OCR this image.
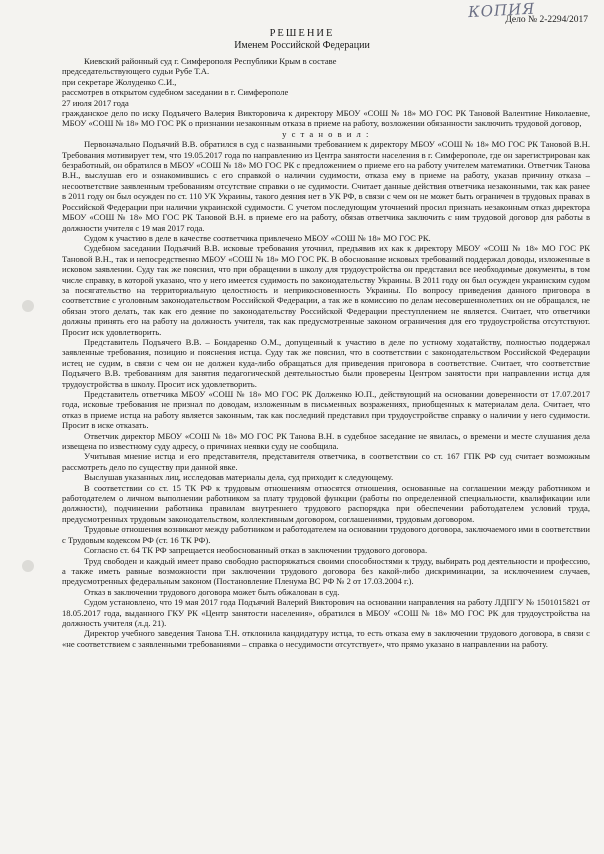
КОПИЯ
Дело № 2-2294/2017
РЕШЕНИЕ
Именем Российской Федерации

Киевский районный суд г. Симферополя Республики Крым в составе

председательствующего судьи Рубе Т.А.

при секретаре Жолуденко С.И.,

рассмотрев в открытом судебном заседании в г. Симферополе

27 июля 2017 года

гражданское дело по иску Подъячего Валерия Викторовича к директору МБОУ «СОШ № 18» МО ГОС РК Тановой Валентине Николаевне, МБОУ «СОШ № 18» МО ГОС РК о признании незаконным отказа в приеме на работу, возложении обязанности заключить трудовой договор,

у с т а н о в и л :

Первоначально Подъячий В.В. обратился в суд с названными требованием к директору МБОУ «СОШ № 18» МО ГОС РК Тановой В.Н. Требования мотивирует тем, что 19.05.2017 года по направлению из Центра занятости населения в г. Симферополе, где он зарегистрирован как безработный, он обратился в МБОУ «СОШ № 18» МО ГОС РК с предложением о приеме его на работу учителем математики. Ответчик Танова В.Н., выслушав его и ознакомившись с его справкой о наличии судимости, отказа ему в приеме на работу, указав причину отказа – несоответствие заявленным требованиям отсутствие справки о не судимости. Считает данные действия ответчика незаконными, так как ранее в 2011 году он был осужден по ст. 110 УК Украины, такого деяния нет в УК РФ, в связи с чем он не может быть ограничен в трудовых правах в Российской Федерации при наличии украинской судимости. С учетом последующим уточнений просил признать незаконным отказ директора МБОУ «СОШ № 18» МО ГОС РК Тановой В.Н. в приеме его на работу, обязав ответчика заключить с ним трудовой договор для работы в должности учителя с 19 мая 2017 года.

Судом к участию в деле в качестве соответчика привлечено МБОУ «СОШ № 18» МО ГОС РК.

Судебном заседании Подъячий В.В. исковые требования уточнил, предъявив их как к директору МБОУ «СОШ № 18» МО ГОС РК Тановой В.Н., так и непосредственно МБОУ «СОШ № 18» МО ГОС РК. В обоснование исковых требований поддержал доводы, изложенные в исковом заявлении. Суду так же пояснил, что при обращении в школу для трудоустройства он представил все необходимые документы, в том числе справку, в которой указано, что у него имеется судимость по законодательству Украины. В 2011 году он был осужден украинским судом за посягательство на территориальную целостность и неприкосновенность Украины. По вопросу приведения данного приговора в соответствие с уголовным законодательством Российской Федерации, а так же в комиссию по делам несовершеннолетних он не обращался, не обязан этого делать, так как его деяние по законодательству Российской Федерации преступлением не является. Считает, что ответчики должны принять его на работу на должность учителя, так как предусмотренные законом ограничения для его трудоустройства отсутствуют. Просит иск удовлетворить.

Представитель Подъячего В.В. – Бондаренко О.М., допущенный к участию в деле по устному ходатайству, полностью поддержал заявленные требования, позицию и пояснения истца. Суду так же пояснил, что в соответствии с законодательством Российской Федерации истец не судим, в связи с чем он не должен куда-либо обращаться для приведения приговора в соответствие. Считает, что соответствие Подъячего В.В. требованиям для занятия педагогической деятельностью были проверены Центром занятости при направлении истца для трудоустройства в школу. Просит иск удовлетворить.

Представитель ответчика МБОУ «СОШ № 18» МО ГОС РК Долженко Ю.П., действующий на основании доверенности от 17.07.2017 года, исковые требования не признал по доводам, изложенным в письменных возражениях, приобщенных к материалам дела. Считает, что отказ в приеме истца на работу является законным, так как последний представил при трудоустройстве справку о наличии у него судимости. Просит в иске отказать.

Ответчик директор МБОУ «СОШ № 18» МО ГОС РК Танова В.Н. в судебное заседание не явилась, о времени и месте слушания дела извещена по известному суду адресу, о причинах неявки суду не сообщила.

Учитывая мнение истца и его представителя, представителя ответчика, в соответствии со ст. 167 ГПК РФ суд считает возможным рассмотреть дело по существу при данной явке.

Выслушав указанных лиц, исследовав материалы дела, суд приходит к следующему.

В соответствии со ст. 15 ТК РФ к трудовым отношениям относятся отношения, основанные на соглашении между работником и работодателем о личном выполнении работником за плату трудовой функции (работы по определенной специальности, квалификации или должности), подчинении работника правилам внутреннего трудового распорядка при обеспечении работодателем условий труда, предусмотренных трудовым законодательством, коллективным договором, соглашениями, трудовым договором.

Трудовые отношения возникают между работником и работодателем на основании трудового договора, заключаемого ими в соответствии с Трудовым кодексом РФ (ст. 16 ТК РФ).

Согласно ст. 64 ТК РФ запрещается необоснованный отказ в заключении трудового договора.

Труд свободен и каждый имеет право свободно распоряжаться своими способностями к труду, выбирать род деятельности и профессию, а также иметь равные возможности при заключении трудового договора без какой-либо дискриминации, за исключением случаев, предусмотренных федеральным законом (Постановление Пленума ВС РФ № 2 от 17.03.2004 г.).

Отказ в заключении трудового договора может быть обжалован в суд.

Судом установлено, что 19 мая 2017 года Подъячий Валерий Викторович на основании направления на работу ЛДПГУ № 1501015821 от 18.05.2017 года, выданного ГКУ РК «Центр занятости населения», обратился в МБОУ «СОШ № 18» МО ГОС РК для трудоустройства на должность учителя (л.д. 21).

Директор учебного заведения Танова Т.Н. отклонила кандидатуру истца, то есть отказа ему в заключении трудового договора, в связи с «не соответствием с заявленными требованиями – справка о несудимости отсутствует», что прямо указано в направлении на работу.
